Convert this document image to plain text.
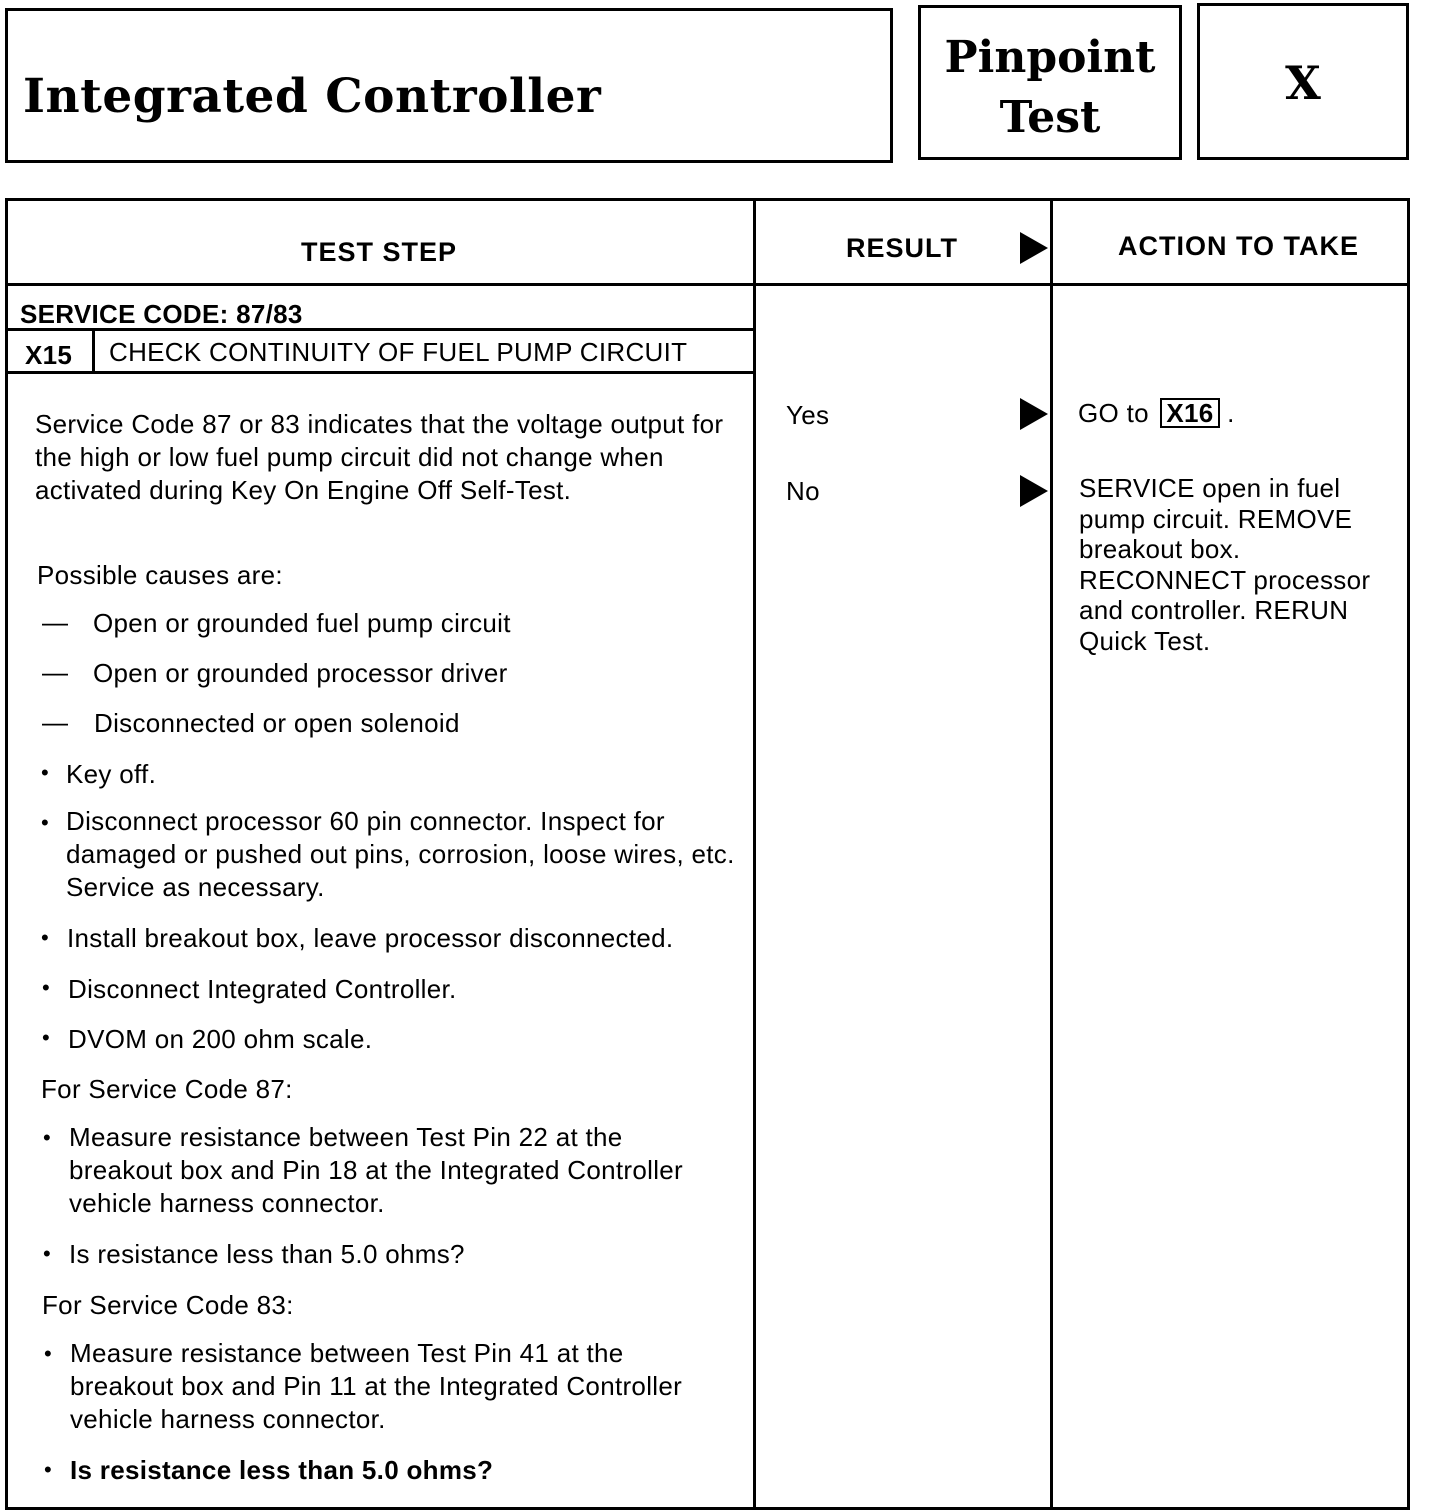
Integrated Controller
Pinpoint
Test
X
TEST STEP	RESULT	ACTION TO TAKE
SERVICE CODE: 87/83
X15 CHECK CONTINUITY OF FUEL PUMP CIRCUIT
Service Code 87 or 83 indicates that the voltage output for the high or low fuel pump circuit did not change when activated during Key On Engine Off Self-Test.
Possible causes are:
— Open or grounded fuel pump circuit
— Open or grounded processor driver
— Disconnected or open solenoid
• Key off.
• Disconnect processor 60 pin connector. Inspect for damaged or pushed out pins, corrosion, loose wires, etc. Service as necessary.
• Install breakout box, leave processor disconnected.
• Disconnect Integrated Controller.
• DVOM on 200 ohm scale.
For Service Code 87:
• Measure resistance between Test Pin 22 at the breakout box and Pin 18 at the Integrated Controller vehicle harness connector.
• Is resistance less than 5.0 ohms?
For Service Code 83:
• Measure resistance between Test Pin 41 at the breakout box and Pin 11 at the Integrated Controller vehicle harness connector.
• Is resistance less than 5.0 ohms?
Yes
No
GO to X16 .
SERVICE open in fuel pump circuit. REMOVE breakout box. RECONNECT processor and controller. RERUN Quick Test.
